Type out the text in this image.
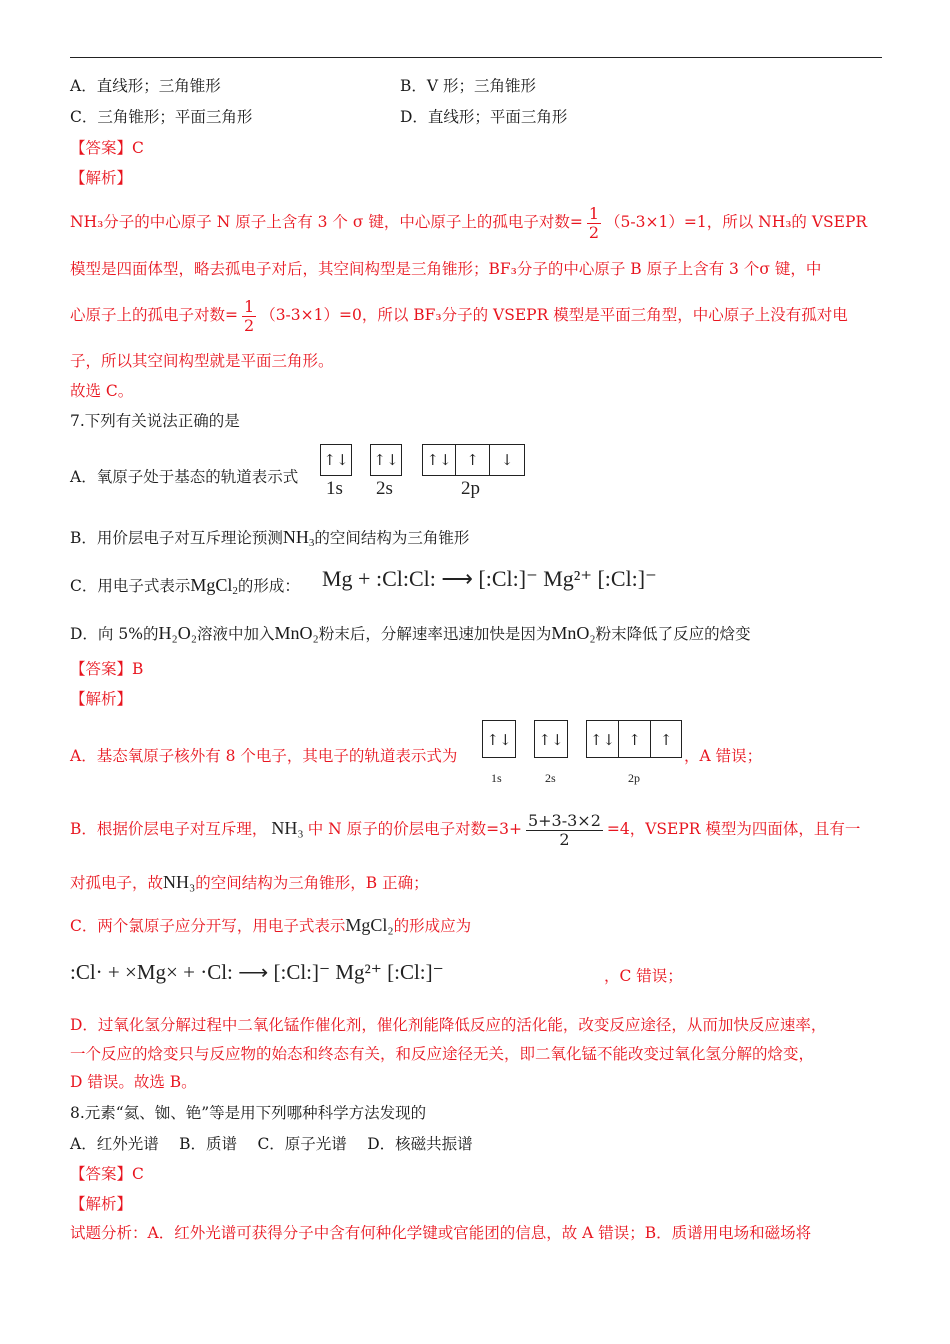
A．直线形；三角锥形	B．V 形；三角锥形
C．三角锥形；平面三角形	D．直线形；平面三角形
【答案】C
【解析】
NH₃分子的中心原子 N 原子上含有 3 个 σ 键，中心原子上的孤电子对数= $\frac{1}{2} (5-3\times 1)=1$，所以 NH₃的 VSEPR
模型是四面体型，略去孤电子对后，其空间构型是三角锥形；BF₃分子的中心原子 B 原子上含有 3 个σ 键，中
心原子上的孤电子对数= $\frac{1}{2} (3-3\times 1)=0$，所以 BF₃分子的 VSEPR 模型是平面三角型，中心原子上没有孤对电
子，所以其空间构型就是平面三角形。
故选 C。
7.下列有关说法正确的是
A．氧原子处于基态的轨道表示式
↑↓ ↑↓ ↑↓ ↑	↓
1s 2s	2p
B．用价层电子对互斥理论预测$NH_3$的空间结构为三角锥形
C．用电子式表示MgCl$_2$的形成： Mg + :Cl:Cl: ⟶ [:Cl:]⁻ Mg²⁺ [:Cl:]⁻
D．向 5%的H₂O₂溶液中加入MnO₂粉末后，分解速率迅速加快是因为MnO₂粉末降低了反应的焓变
【答案】B
【解析】
A．基态氧原子核外有 8 个电子，其电子的轨道表示式为
↑↓ ↑↓ ↑↓ ↑	↑
1s	2s	2p
，A 错误；
B．根据价层电子对互斥理， NH₃ 中 N 原子的价层电子对数$=3+ \frac{5+3-3\times 2}{2} =4$，VSEPR 模型为四面体，且有一
对孤电子，故NH₃的空间结构为三角锥形，B 正确；
C．两个氯原子应分开写，用电子式表示MgCl₂的形成应为
:Cl· + ×Mg× + ·Cl: ⟶ [:Cl:]⁻ Mg²⁺ [:Cl:]⁻	，C 错误；
D．过氧化氢分解过程中二氧化锰作催化剂，催化剂能降低反应的活化能，改变反应途径，从而加快反应速率，
一个反应的焓变只与反应物的始态和终态有关，和反应途径无关，即二氧化锰不能改变过氧化氢分解的焓变，
D 错误。故选 B。
8.元素“氦、铷、铯”等是用下列哪种科学方法发现的
A．红外光谱　 B．质谱　 C．原子光谱　 D．核磁共振谱
【答案】C
【解析】
试题分析：A．红外光谱可获得分子中含有何种化学键或官能团的信息，故 A 错误；B．质谱用电场和磁场将
